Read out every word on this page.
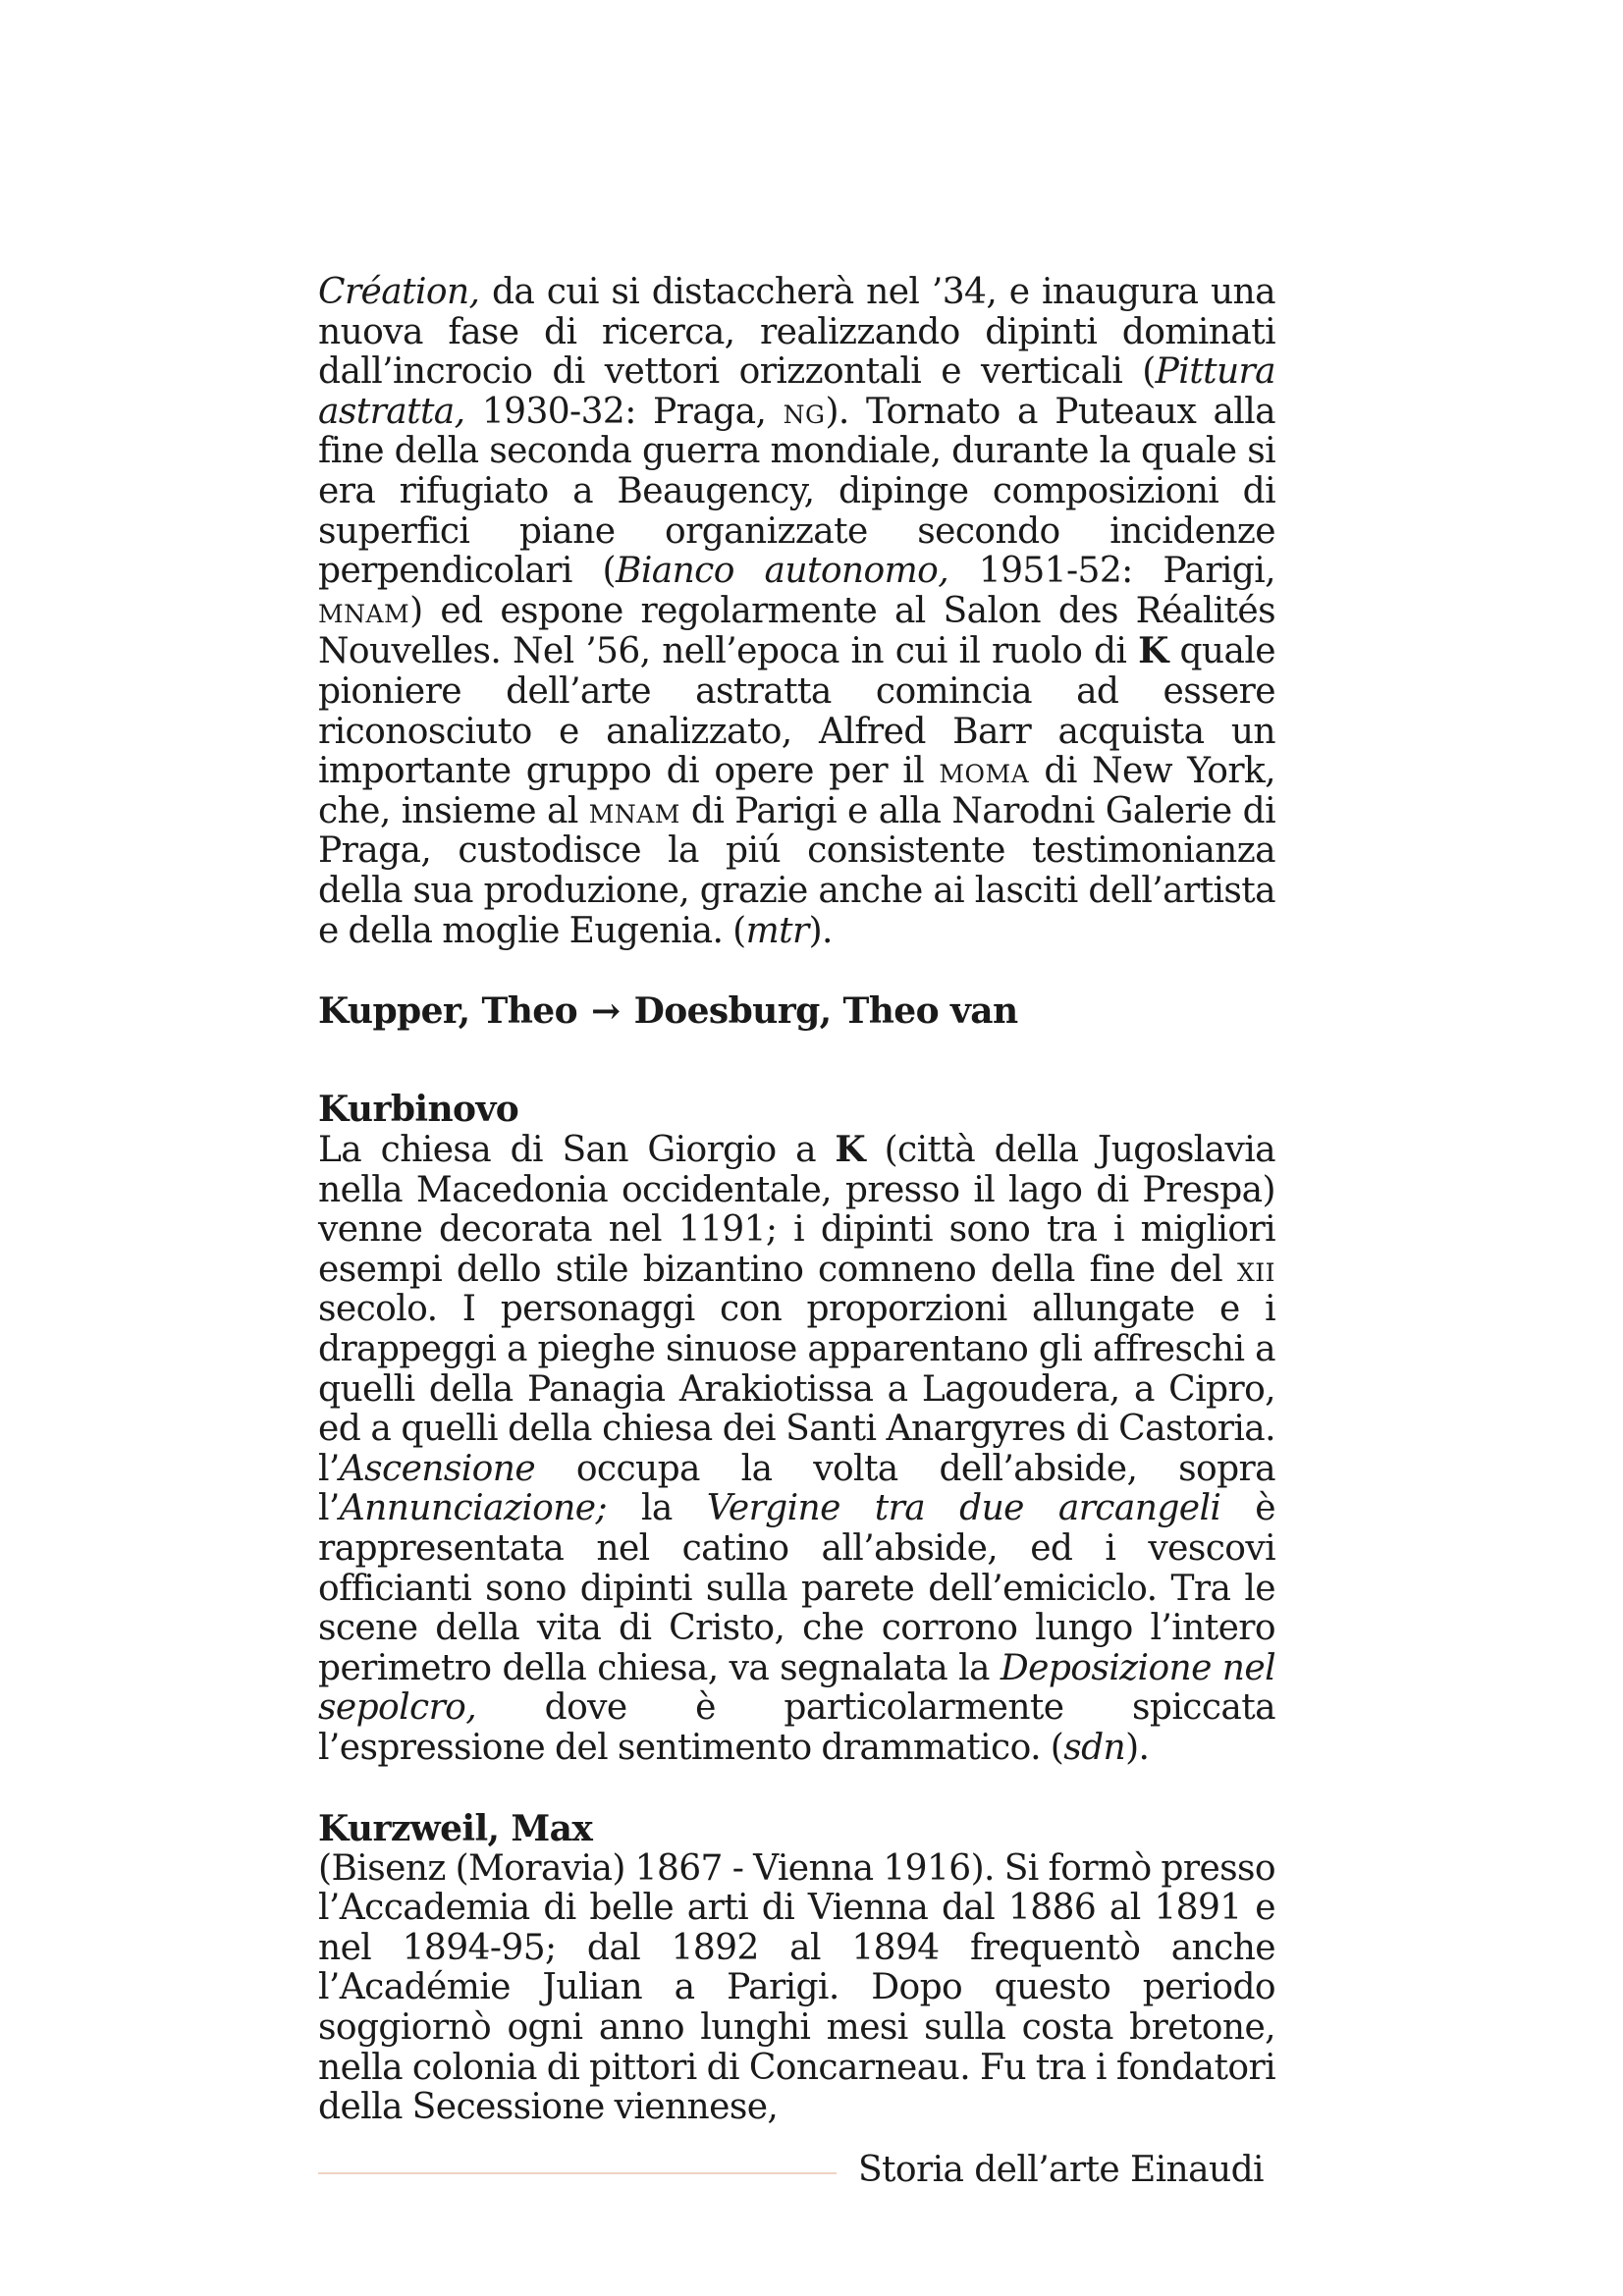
Création, da cui si distaccherà nel ’34, e inaugura una nuova fase di ricerca, realizzando dipinti dominati dall’incrocio di vettori orizzontali e verticali (Pittura astratta, 1930-32: Praga, ng). Tornato a Puteaux alla fine della seconda guerra mondiale, durante la quale si era rifugiato a Beaugency, dipinge composizioni di superfici piane organizzate secondo incidenze perpendicolari (Bianco autonomo, 1951-52: Parigi, mnam) ed espone regolarmente al Salon des Réalités Nouvelles. Nel ’56, nell’epoca in cui il ruolo di K quale pioniere dell’arte astratta comincia ad essere riconosciuto e analizzato, Alfred Barr acquista un importante gruppo di opere per il moma di New York, che, insieme al mnam di Parigi e alla Narodni Galerie di Praga, custodisce la piú consistente testimonianza della sua produzione, grazie anche ai lasciti dell’artista e della moglie Eugenia. (mtr).

Kupper, Theo → Doesburg, Theo van
Kurbinovo

La chiesa di San Giorgio a K (città della Jugoslavia nella Macedonia occidentale, presso il lago di Prespa) venne decorata nel 1191; i dipinti sono tra i migliori esempi dello stile bizantino comneno della fine del xii secolo. I personaggi con proporzioni allungate e i drappeggi a pieghe sinuose apparentano gli affreschi a quelli della Panagia Arakiotissa a Lagoudera, a Cipro, ed a quelli della chiesa dei Santi Anargyres di Castoria. l’Ascensione occupa la volta dell’abside, sopra l’Annunciazione; la Vergine tra due arcangeli è rappresentata nel catino all’abside, ed i vescovi officianti sono dipinti sulla parete dell’emiciclo. Tra le scene della vita di Cristo, che corrono lungo l’intero perimetro della chiesa, va segnalata la Deposizione nel sepolcro, dove è particolarmente spiccata l’espressione del sentimento drammatico. (sdn).

Kurzweil, Max

(Bisenz (Moravia) 1867 - Vienna 1916). Si formò presso l’Accademia di belle arti di Vienna dal 1886 al 1891 e nel 1894-95; dal 1892 al 1894 frequentò anche l’Académie Julian a Parigi. Dopo questo periodo soggiornò ogni anno lunghi mesi sulla costa bretone, nella colonia di pittori di Concarneau. Fu tra i fondatori della Secessione viennese,

Storia dell’arte Einaudi
